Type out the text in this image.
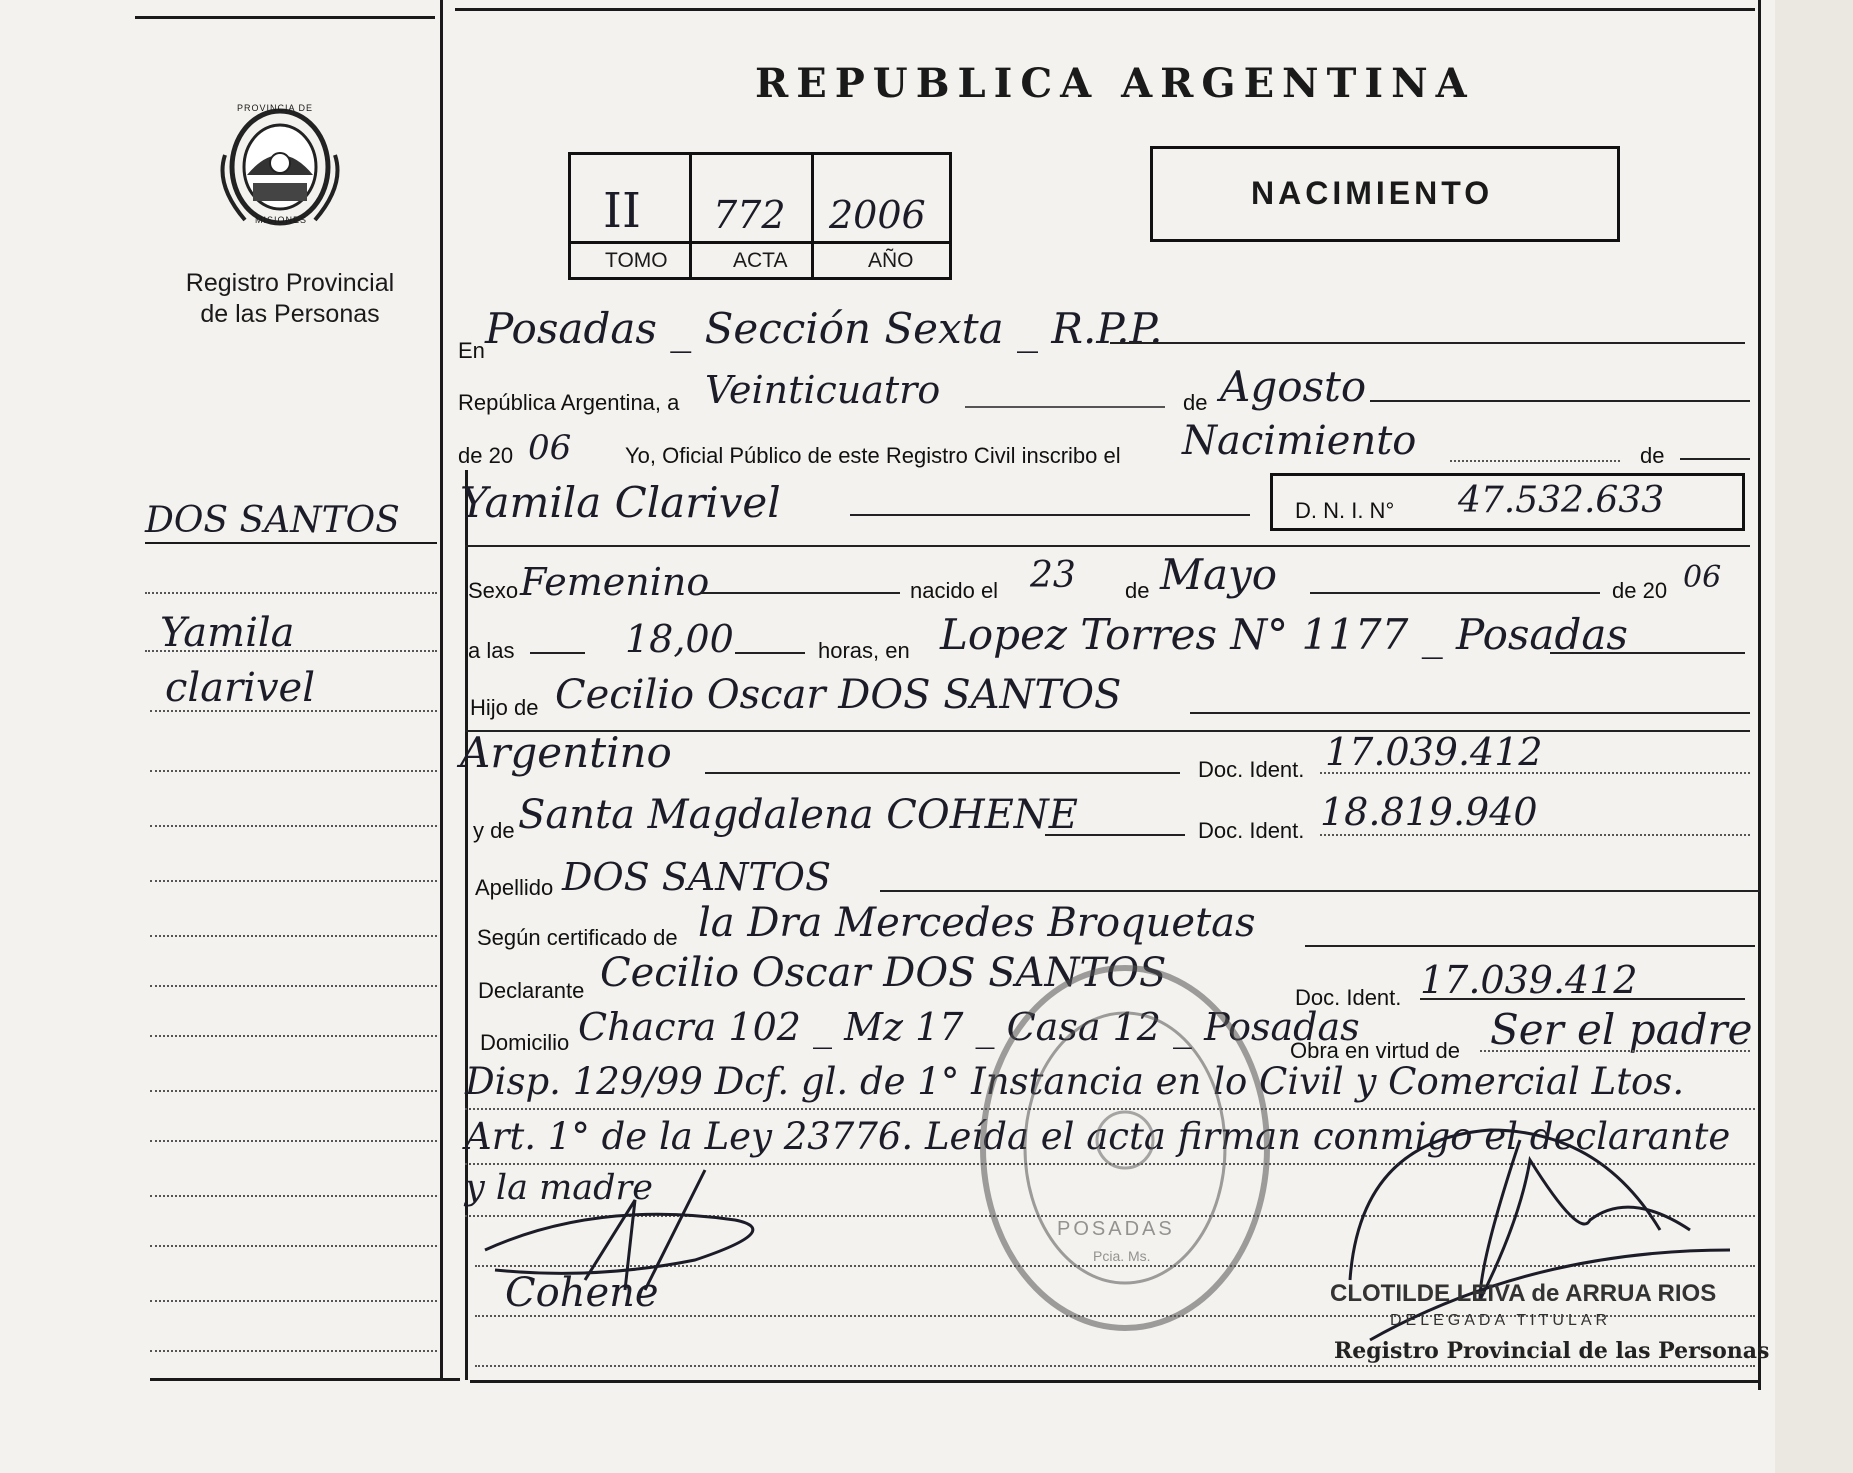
PROVINCIA DE
MISIONES
Registro Provincial
de las Personas
DOS SANTOS
Yamila
clarivel
REPUBLICA ARGENTINA
II 772 2006
TOMO	ACTA	AÑO
NACIMIENTO
En Posadas _ Sección Sexta _ R.P.P.
República Argentina, a Veinticuatro	de Agosto
de 20 06 Yo, Oficial Público de este Registro Civil inscribo el Nacimiento	de
Yamila Clarivel	D. N. I. N° 47.532.633
Sexo Femenino	nacido el 23 de Mayo	de 20 06
a las	18,00	horas, en Lopez Torres N° 1177 _ Posadas
Hijo de Cecilio Oscar DOS SANTOS
Argentino	Doc. Ident. 17.039.412
y de Santa Magdalena COHENE	Doc. Ident. 18.819.940
Apellido DOS SANTOS
Según certificado de la Dra Mercedes Broquetas
Declarante Cecilio Oscar DOS SANTOS
Doc. Ident. 17.039.412
Domicilio Chacra 102 _ Mz 17 _ Casa 12 _ Posadas
Obra en virtud de Ser el padre
Disp. 129/99 Dcf. gl. de 1° Instancia en lo Civil y Comercial Ltos.
Art. 1° de la Ley 23776. Leída el acta firman conmigo el declarante
y la madre
POSADAS
Pcia. Ms.
Cohene	CLOTILDE LEIVA de ARRUA RIOS
DELEGADA TITULAR
Registro Provincial de las Personas
